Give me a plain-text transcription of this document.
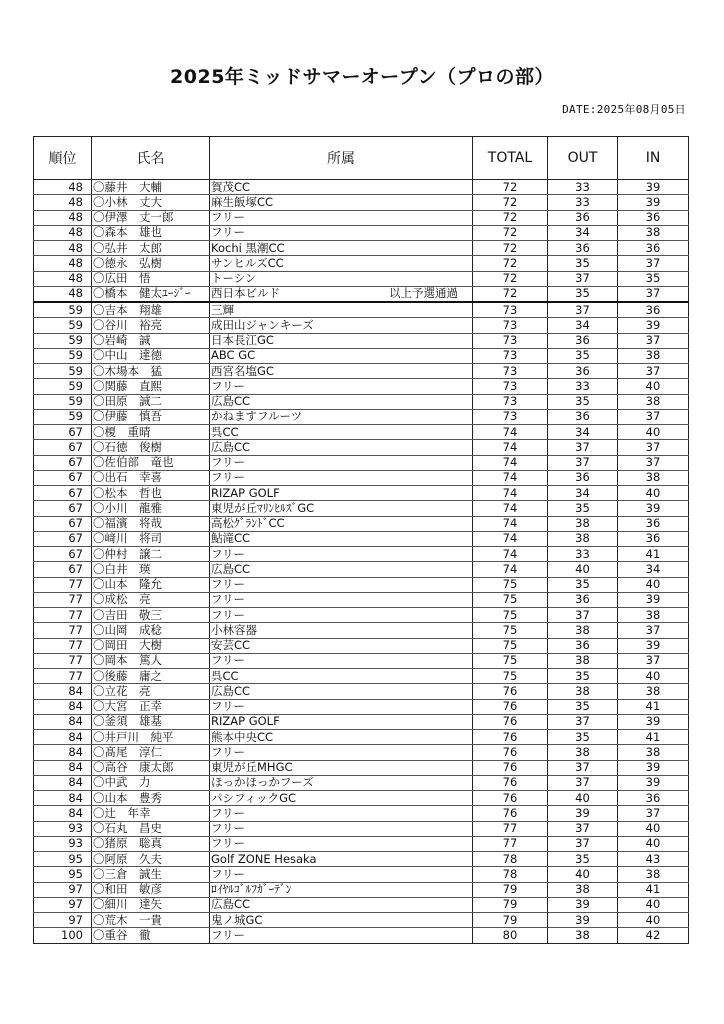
2025年ミッドサマーオープン（プロの部）
DATE:2025年08月05日
順位	氏名	所属	TOTAL	OUT	IN
48	〇藤井　大輔	賀茂CC	72	33	39
48	〇小林　丈大	麻生飯塚CC	72	33	39
48	〇伊澤　丈一郎	フリー	72	36	36
48	〇森本　雄也	フリー	72	34	38
48	〇弘井　太郎	Kochi 黒潮CC	72	36	36
48	〇徳永　弘樹	サンヒルズCC	72	35	37
48	〇広田　悟	トーシン	72	37	35
48	〇橋本　健太ﾕｰｼﾞｰ	西日本ビルド 以上予選通過	72	35	37
59	〇吉本　翔雄	三輝	73	37	36
59	〇谷川　裕亮	成田山ジャンキーズ	73	34	39
59	〇岩崎　誠	日本長江GC	73	36	37
59	〇中山　達徳	ABC GC	73	35	38
59	〇木場本　猛	西宮名塩GC	73	36	37
59	〇関藤　直熙	フリー	73	33	40
59	〇田原　誠二	広島CC	73	35	38
59	〇伊藤　慎吾	かねますフルーツ	73	36	37
67	〇榎　重晴	呉CC	74	34	40
67	〇石徳　俊樹	広島CC	74	37	37
67	〇佐伯部　竜也	フリー	74	37	37
67	〇出石　幸喜	フリー	74	36	38
67	〇松本　哲也	RIZAP GOLF	74	34	40
67	〇小川　龍雅	東児が丘ﾏﾘﾝﾋﾙｽﾞGC	74	35	39
67	〇福濱　将哉	高松ｸﾞﾗﾝﾄﾞCC	74	38	36
67	〇﨑川　将司	鮎滝CC	74	38	36
67	〇仲村　譲二	フリー	74	33	41
67	〇白井　瑛	広島CC	74	40	34
77	〇山本　隆允	フリー	75	35	40
77	〇成松　亮	フリー	75	36	39
77	〇吉田　敬三	フリー	75	37	38
77	〇山岡　成稔	小林容器	75	38	37
77	〇岡田　大樹	安芸CC	75	36	39
77	〇岡本　篤人	フリー	75	38	37
77	〇後藤　庸之	呉CC	75	35	40
84	〇立花　亮	広島CC	76	38	38
84	〇大宮　正幸	フリー	76	35	41
84	〇釜須　雄基	RIZAP GOLF	76	37	39
84	〇井戸川　純平	熊本中央CC	76	35	41
84	〇髙尾　淳仁	フリー	76	38	38
84	〇高谷　康太郎	東児が丘MHGC	76	37	39
84	〇中武　力	ほっかほっかフーズ	76	37	39
84	〇山本　豊秀	パシフィックGC	76	40	36
84	〇辻　年幸	フリー	76	39	37
93	〇石丸　昌史	フリー	77	37	40
93	〇猪原　聡真	フリー	77	37	40
95	〇阿原　久夫	Golf ZONE Hesaka	78	35	43
95	〇三倉　誠生	フリー	78	40	38
97	〇和田　敏彦	ﾛｲﾔﾙｺﾞﾙﾌｶﾞｰﾃﾞﾝ	79	38	41
97	〇細川　達矢	広島CC	79	39	40
97	〇荒木　一貴	鬼ノ城GC	79	39	40
100	〇重谷　徹	フリー	80	38	42
